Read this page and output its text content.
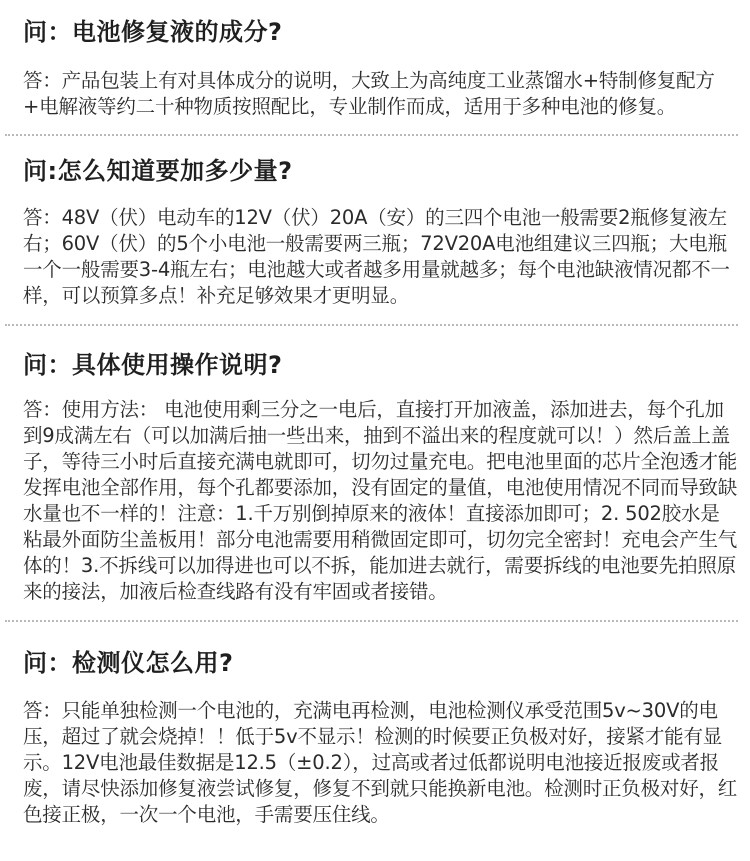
问：电池修复液的成分?

答：产品包装上有对具体成分的说明，大致上为高纯度工业蒸馏水+特制修复配方+电解液等约二十种物质按照配比，专业制作而成，适用于多种电池的修复。

问:怎么知道要加多少量?

答：48V（伏）电动车的12V（伏）20A（安）的三四个电池一般需要2瓶修复液左右；60V（伏）的5个小电池一般需要两三瓶；72V20A电池组建议三四瓶；大电瓶一个一般需要3-4瓶左右；电池越大或者越多用量就越多；每个电池缺液情况都不一样，可以预算多点！补充足够效果才更明显。

问：具体使用操作说明?

答：使用方法： 电池使用剩三分之一电后，直接打开加液盖，添加进去，每个孔加到9成满左右（可以加满后抽一些出来，抽到不溢出来的程度就可以！）然后盖上盖子，等待三小时后直接充满电就即可，切勿过量充电。把电池里面的芯片全泡透才能发挥电池全部作用，每个孔都要添加，没有固定的量值，电池使用情况不同而导致缺水量也不一样的！注意：1.千万别倒掉原来的液体！直接添加即可；2. 502胶水是粘最外面防尘盖板用！部分电池需要用稍微固定即可，切勿完全密封！充电会产生气体的！3.不拆线可以加得进也可以不拆，能加进去就行，需要拆线的电池要先拍照原来的接法，加液后检查线路有没有牢固或者接错。

问：检测仪怎么用?

答：只能单独检测一个电池的，充满电再检测，电池检测仪承受范围5v~30V的电压，超过了就会烧掉！！低于5v不显示！检测的时候要正负极对好，接紧才能有显示。12V电池最佳数据是12.5（±0.2），过高或者过低都说明电池接近报废或者报废，请尽快添加修复液尝试修复，修复不到就只能换新电池。检测时正负极对好，红色接正极，一次一个电池，手需要压住线。
